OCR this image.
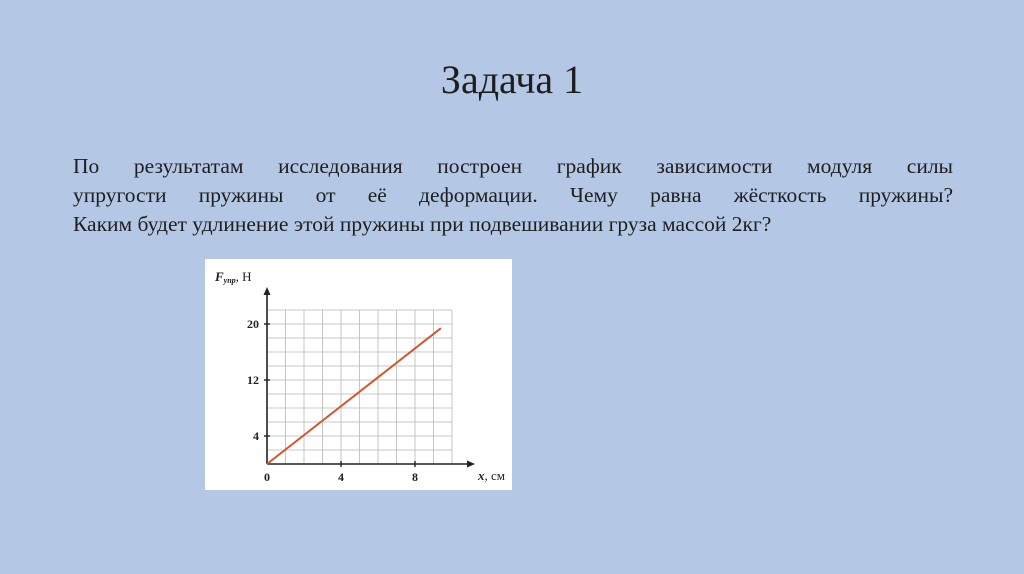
Задача 1
По результатам исследования построен график зависимости модуля силы
упругости пружины от её деформации. Чему равна жёсткость пружины?
Каким будет удлинение этой пружины при подвешивании груза массой 2кг?
0	4	8
4
12
20
Fупр, Н
x, см
